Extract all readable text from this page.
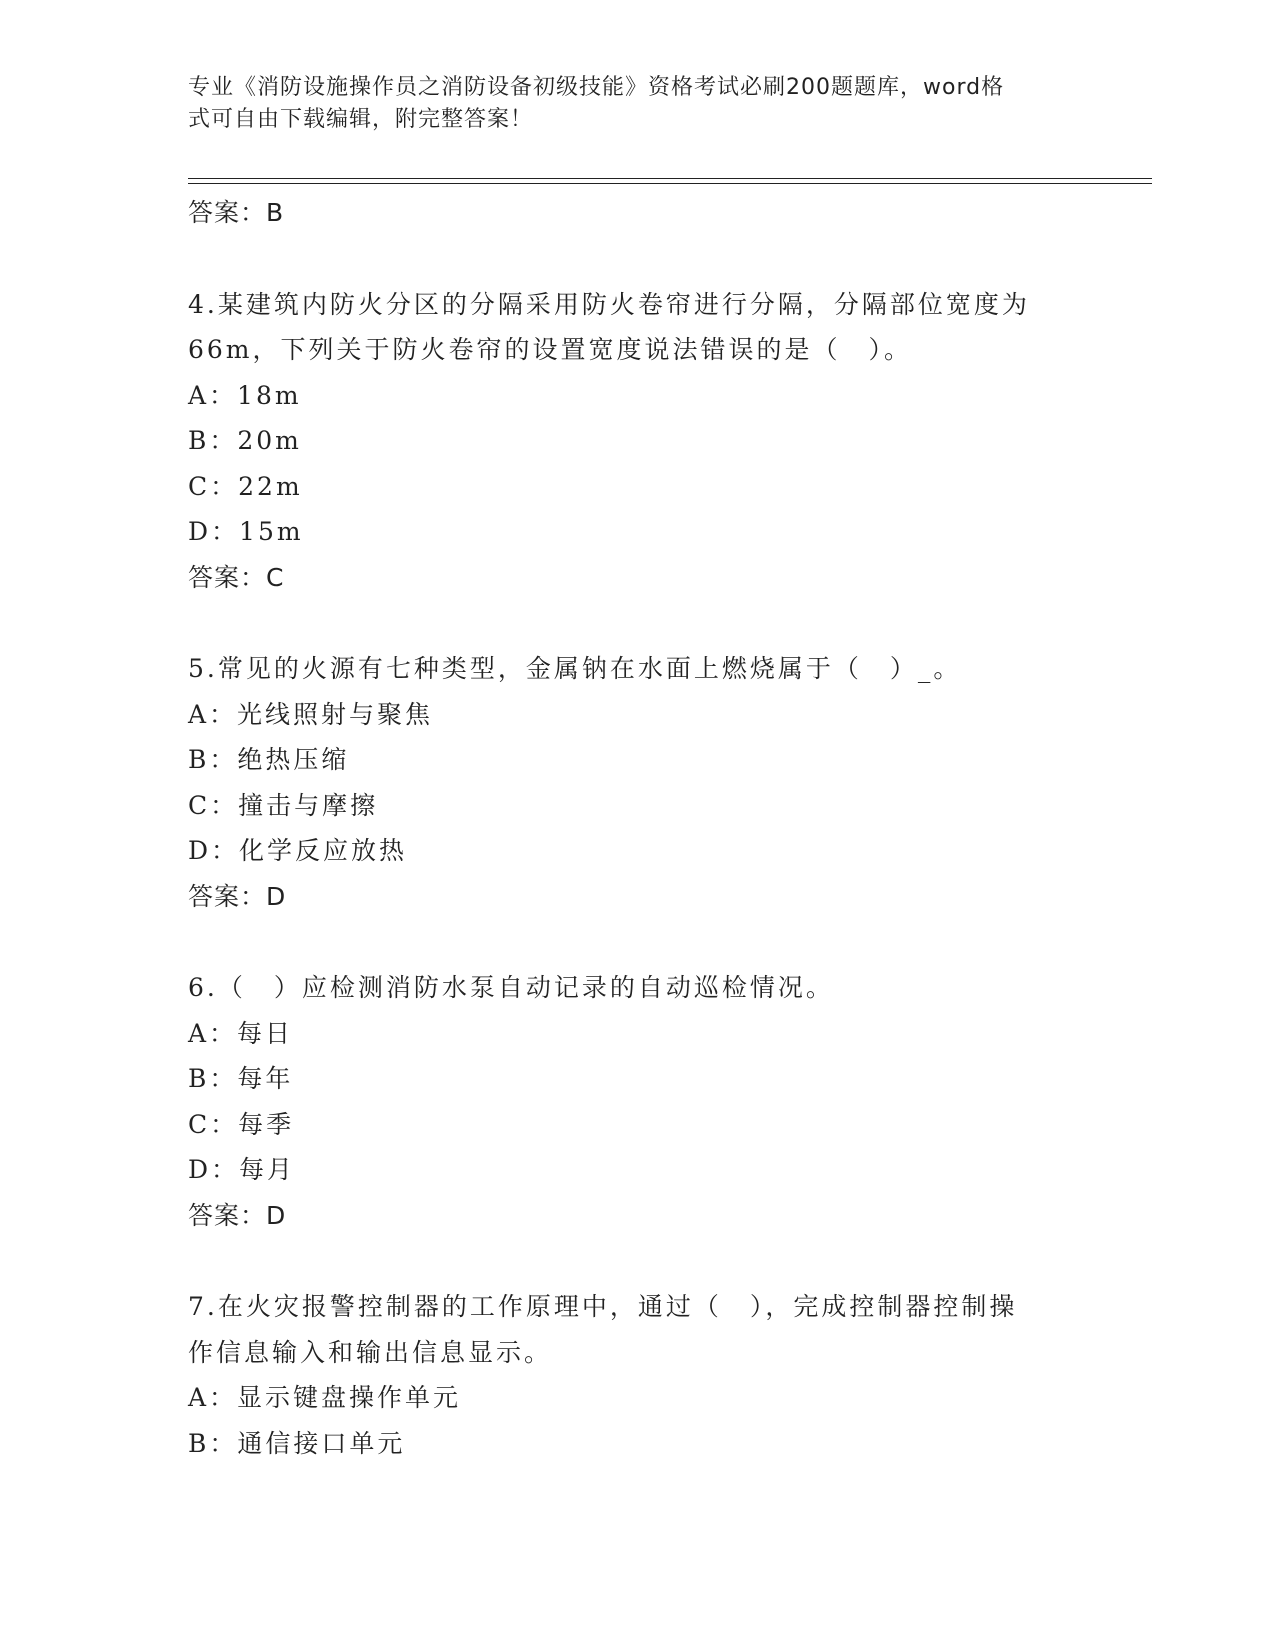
专业《消防设施操作员之消防设备初级技能》资格考试必刷200题题库，word格
式可自由下载编辑，附完整答案！
答案：B
4.某建筑内防火分区的分隔采用防火卷帘进行分隔，分隔部位宽度为
66m，下列关于防火卷帘的设置宽度说法错误的是（　）。
A：18m
B：20m
C：22m
D：15m
答案：C
5.常见的火源有七种类型，金属钠在水面上燃烧属于（　）_。
A：光线照射与聚焦
B：绝热压缩
C：撞击与摩擦
D：化学反应放热
答案：D
6.（　）应检测消防水泵自动记录的自动巡检情况。
A：每日
B：每年
C：每季
D：每月
答案：D
7.在火灾报警控制器的工作原理中，通过（　），完成控制器控制操
作信息输入和输出信息显示。
A：显示键盘操作单元
B：通信接口单元
